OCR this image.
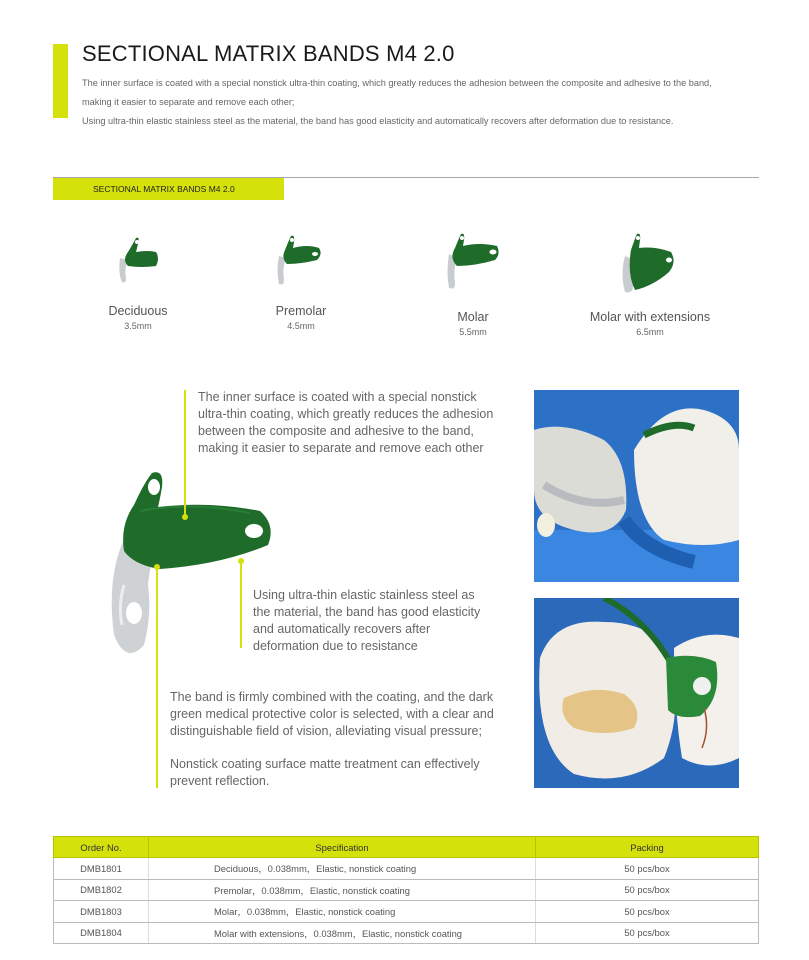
SECTIONAL MATRIX BANDS M4 2.0
The inner surface is coated with a special nonstick ultra-thin coating, which greatly reduces the adhesion between the composite and adhesive to the band,
making it easier to separate and remove each other;
Using ultra-thin elastic stainless steel as the material, the band has good elasticity and automatically recovers after deformation due to resistance.
SECTIONAL MATRIX BANDS M4 2.0
Deciduous
3.5mm
Premolar
4.5mm
Molar
5.5mm
Molar with extensions
6.5mm
The inner surface is coated with a special nonstick
ultra-thin coating, which greatly reduces the adhesion
between the composite and adhesive to the band,
making it easier to separate and remove each other
Using ultra-thin elastic stainless steel as
the material, the band has good elasticity
and automatically recovers after
deformation due to resistance
The band is firmly combined with the coating, and the dark
green medical protective color is selected, with a clear and
distinguishable field of vision, alleviating visual pressure;
Nonstick coating surface matte treatment can effectively
prevent reflection.
Order No.	Specification	Packing
DMB1801	Deciduous，0.038mm，Elastic, nonstick coating	50 pcs/box
DMB1802	Premolar，0.038mm，Elastic, nonstick coating	50 pcs/box
DMB1803	Molar，0.038mm，Elastic, nonstick coating	50 pcs/box
DMB1804	Molar with extensions，0.038mm，Elastic, nonstick coating	50 pcs/box
